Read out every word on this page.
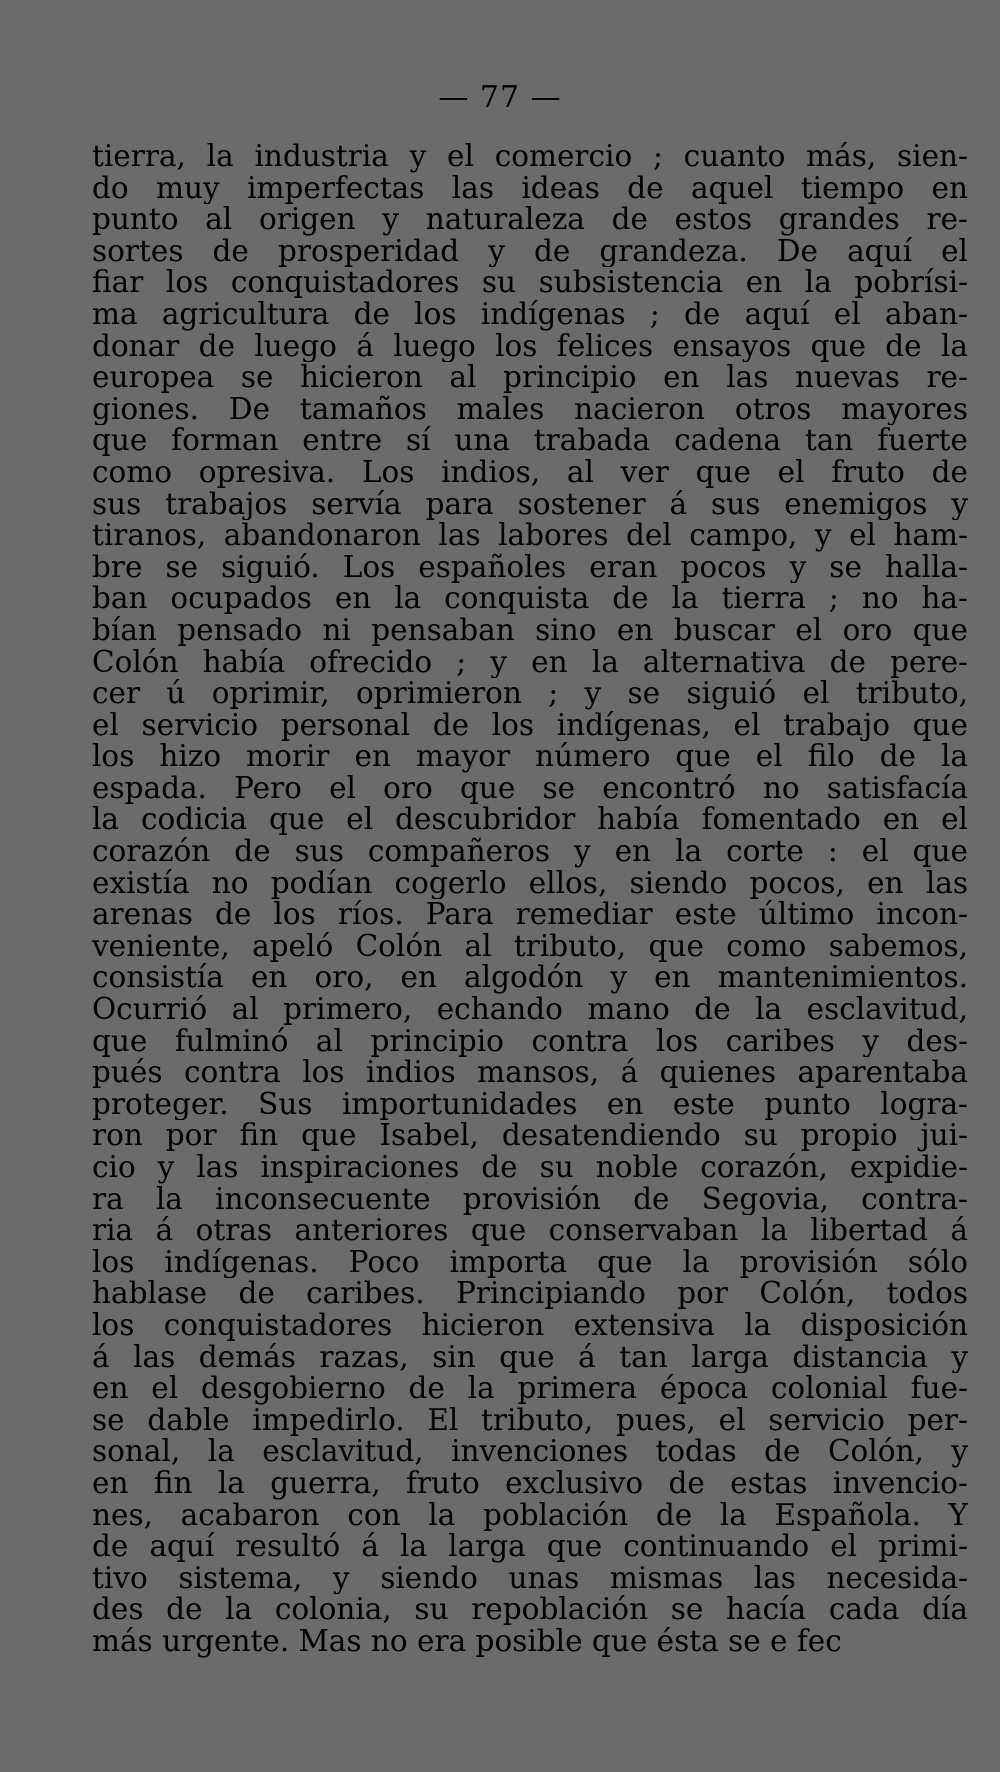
— 77 —
tierra, la industria y el comercio ; cuanto más, sien-
do muy imperfectas las ideas de aquel tiempo en
punto al origen y naturaleza de estos grandes re-
sortes de prosperidad y de grandeza. De aquí el
fiar los conquistadores su subsistencia en la pobrísi-
ma agricultura de los indígenas ; de aquí el aban-
donar de luego á luego los felices ensayos que de la
europea se hicieron al principio en las nuevas re-
giones. De tamaños males nacieron otros mayores
que forman entre sí una trabada cadena tan fuerte
como opresiva. Los indios, al ver que el fruto de
sus trabajos servía para sostener á sus enemigos y
tiranos, abandonaron las labores del campo, y el ham-
bre se siguió. Los españoles eran pocos y se halla-
ban ocupados en la conquista de la tierra ; no ha-
bían pensado ni pensaban sino en buscar el oro que
Colón había ofrecido ; y en la alternativa de pere-
cer ú oprimir, oprimieron ; y se siguió el tributo,
el servicio personal de los indígenas, el trabajo que
los hizo morir en mayor número que el filo de la
espada. Pero el oro que se encontró no satisfacía
la codicia que el descubridor había fomentado en el
corazón de sus compañeros y en la corte : el que
existía no podían cogerlo ellos, siendo pocos, en las
arenas de los ríos. Para remediar este último incon-
veniente, apeló Colón al tributo, que como sabemos,
consistía en oro, en algodón y en mantenimientos.
Ocurrió al primero, echando mano de la esclavitud,
que fulminó al principio contra los caribes y des-
pués contra los indios mansos, á quienes aparentaba
proteger. Sus importunidades en este punto logra-
ron por fin que Isabel, desatendiendo su propio jui-
cio y las inspiraciones de su noble corazón, expidie-
ra la inconsecuente provisión de Segovia, contra-
ria á otras anteriores que conservaban la libertad á
los indígenas. Poco importa que la provisión sólo
hablase de caribes. Principiando por Colón, todos
los conquistadores hicieron extensiva la disposición
á las demás razas, sin que á tan larga distancia y
en el desgobierno de la primera época colonial fue-
se dable impedirlo. El tributo, pues, el servicio per-
sonal, la esclavitud, invenciones todas de Colón, y
en fin la guerra, fruto exclusivo de estas invencio-
nes, acabaron con la población de la Española. Y
de aquí resultó á la larga que continuando el primi-
tivo sistema, y siendo unas mismas las necesida-
des de la colonia, su repoblación se hacía cada día
más urgente. Mas no era posible que ésta se e fec
